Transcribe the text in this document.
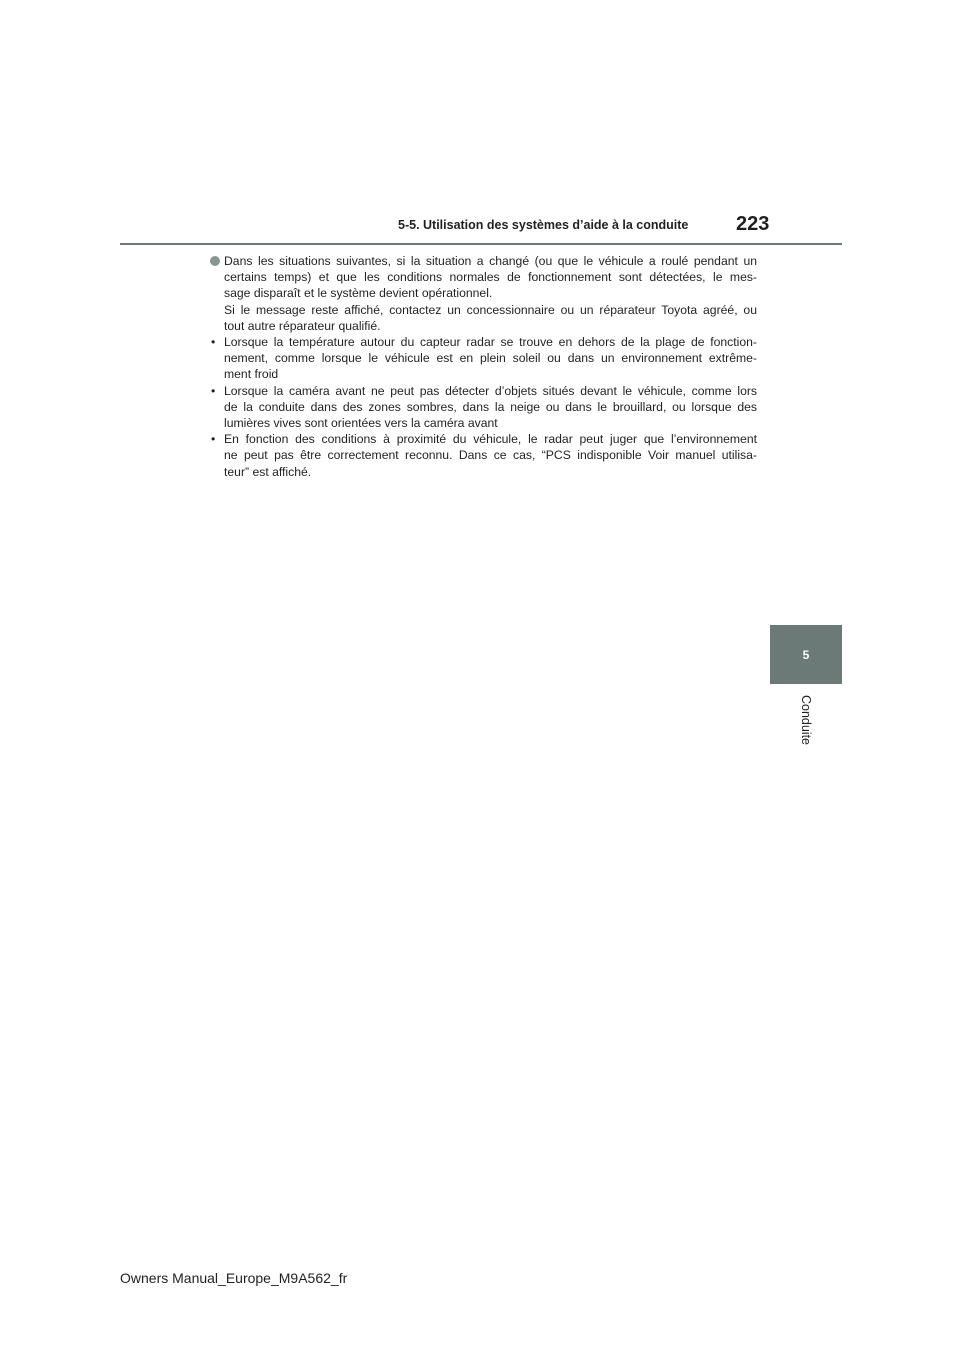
5-5. Utilisation des systèmes d’aide à la conduite 223
Dans les situations suivantes, si la situation a changé (ou que le véhicule a roulé pendant un
certains temps) et que les conditions normales de fonctionnement sont détectées, le mes-
sage disparaît et le système devient opérationnel.
Si le message reste affiché, contactez un concessionnaire ou un réparateur Toyota agréé, ou
tout autre réparateur qualifié.
• Lorsque la température autour du capteur radar se trouve en dehors de la plage de fonction-
nement, comme lorsque le véhicule est en plein soleil ou dans un environnement extrême-
ment froid
• Lorsque la caméra avant ne peut pas détecter d’objets situés devant le véhicule, comme lors
de la conduite dans des zones sombres, dans la neige ou dans le brouillard, ou lorsque des
lumières vives sont orientées vers la caméra avant
• En fonction des conditions à proximité du véhicule, le radar peut juger que l’environnement
ne peut pas être correctement reconnu. Dans ce cas, “PCS indisponible Voir manuel utilisa-
teur” est affiché.
5
Conduite
Owners Manual_Europe_M9A562_fr
